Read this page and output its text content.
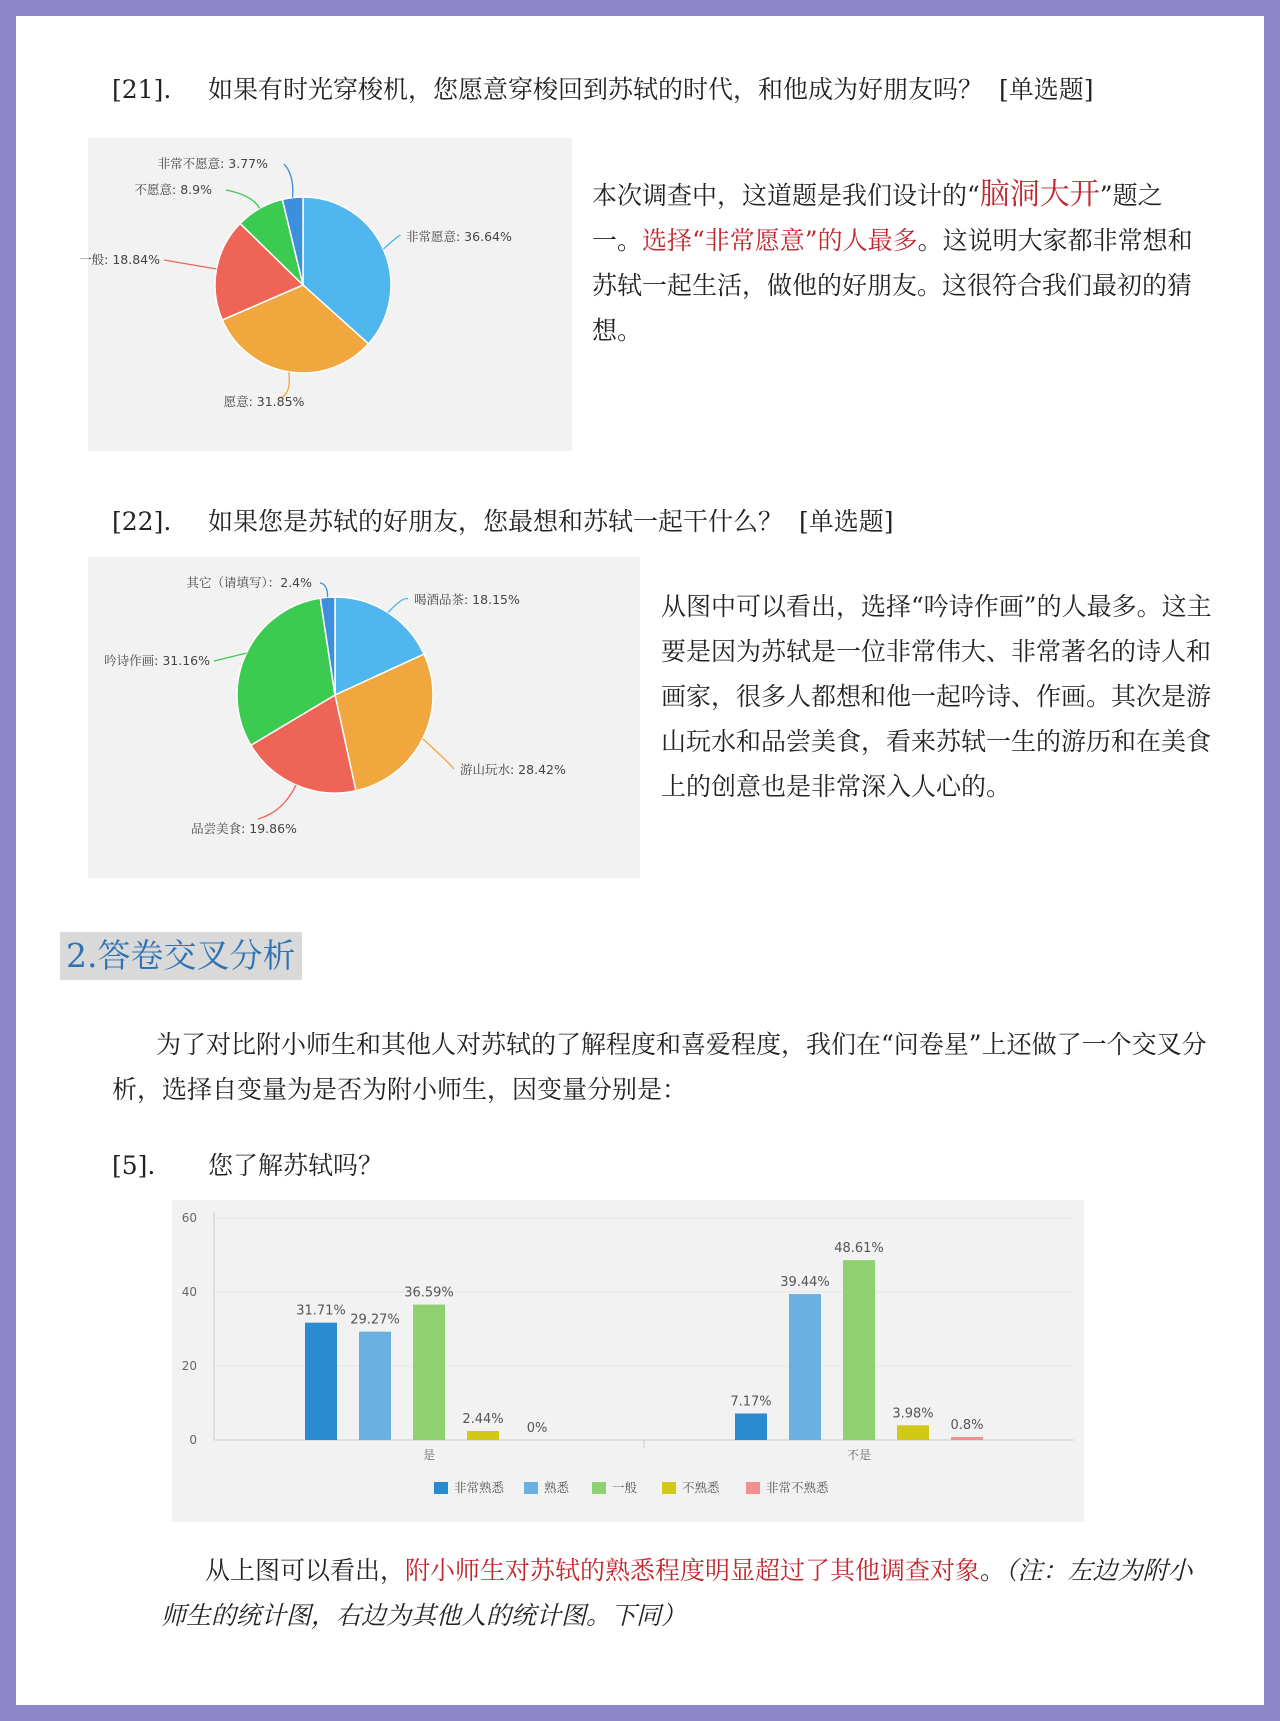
[21]. 如果有时光穿梭机，您愿意穿梭回到苏轼的时代，和他成为好朋友吗？ [单选题]
非常愿意: 36.64%
愿意: 31.85%
一般: 18.84%
不愿意: 8.9%
非常不愿意: 3.77%
本次调查中，这道题是我们设计的“脑洞大开”题之一。选择“非常愿意”的人最多。这说明大家都非常想和苏轼一起生活，做他的好朋友。这很符合我们最初的猜想。
[22]. 如果您是苏轼的好朋友，您最想和苏轼一起干什么？ [单选题]
喝酒品茶: 18.15%
游山玩水: 28.42%
品尝美食: 19.86%
吟诗作画: 31.16%
其它（请填写）：2.4%
从图中可以看出，选择“吟诗作画”的人最多。这主要是因为苏轼是一位非常伟大、非常著名的诗人和画家，很多人都想和他一起吟诗、作画。其次是游山玩水和品尝美食，看来苏轼一生的游历和在美食上的创意也是非常深入人心的。
2.答卷交叉分析
为了对比附小师生和其他人对苏轼的了解程度和喜爱程度，我们在“问卷星”上还做了一个交叉分析，选择自变量为是否为附小师生，因变量分别是：
[5]. 您了解苏轼吗？
0
20
40
60
31.71%
29.27%
36.59%
2.44%
0%
是
7.17%
39.44%
48.61%
3.98%
0.8%
不是
非常熟悉	熟悉	一般	不熟悉	非常不熟悉
从上图可以看出，附小师生对苏轼的熟悉程度明显超过了其他调查对象。（注：左边为附小师生的统计图，右边为其他人的统计图。下同）
